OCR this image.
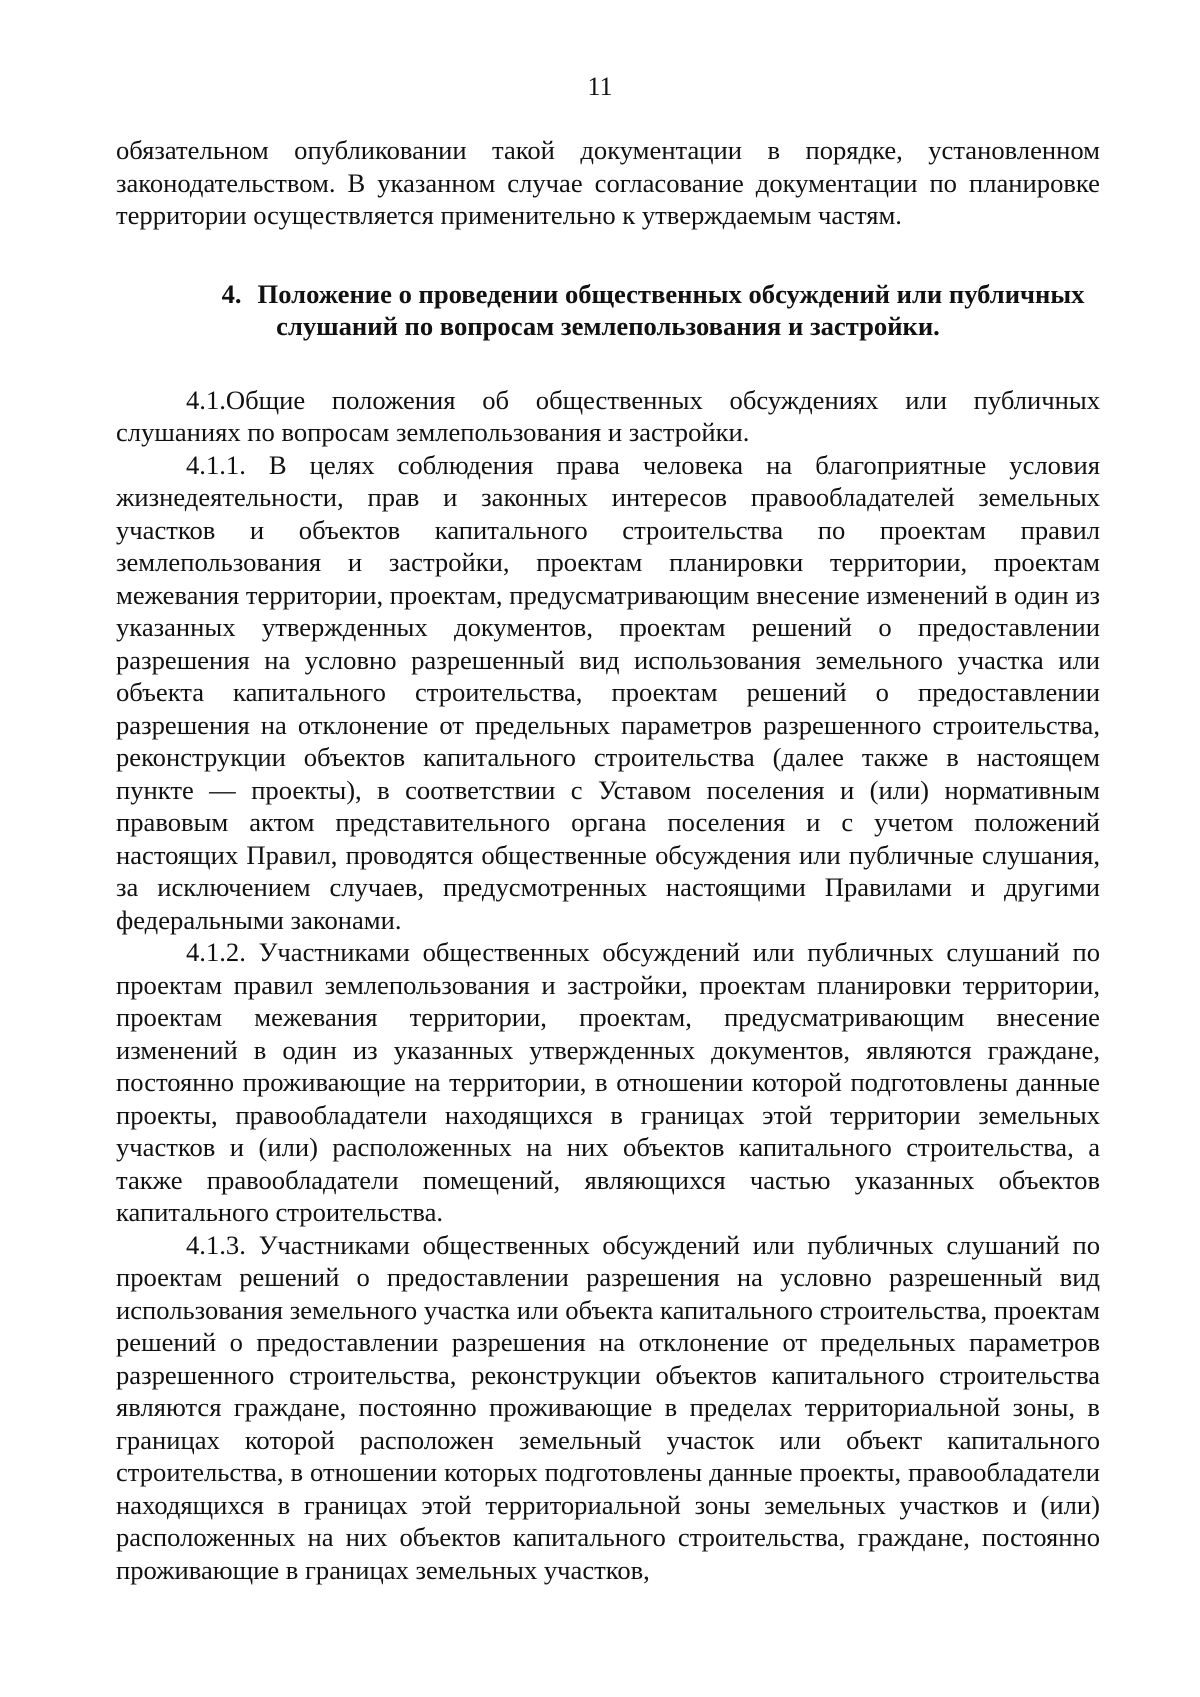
11

обязательном опубликовании такой документации в порядке, установленном законодательством. В указанном случае согласование документации по планировке территории осуществляется применительно к утверждаемым частям.

4. Положение о проведении общественных обсуждений или публичных
слушаний по вопросам землепользования и застройки.

4.1.Общие положения об общественных обсуждениях или публичных слушаниях по вопросам землепользования и застройки.

4.1.1. В целях соблюдения права человека на благоприятные условия жизнедеятельности, прав и законных интересов правообладателей земельных участков и объектов капитального строительства по проектам правил землепользования и застройки, проектам планировки территории, проектам межевания территории, проектам, предусматривающим внесение изменений в один из указанных утвержденных документов, проектам решений о предоставлении разрешения на условно разрешенный вид использования земельного участка или объекта капитального строительства, проектам решений о предоставлении разрешения на отклонение от предельных параметров разрешенного строительства, реконструкции объектов капитального строительства (далее также в настоящем пункте — проекты), в соответствии с Уставом поселения и (или) нормативным правовым актом представительного органа поселения и с учетом положений настоящих Правил, проводятся общественные обсуждения или публичные слушания, за исключением случаев, предусмотренных настоящими Правилами и другими федеральными законами.

4.1.2. Участниками общественных обсуждений или публичных слушаний по проектам правил землепользования и застройки, проектам планировки территории, проектам межевания территории, проектам, предусматривающим внесение изменений в один из указанных утвержденных документов, являются граждане, постоянно проживающие на территории, в отношении которой подготовлены данные проекты, правообладатели находящихся в границах этой территории земельных участков и (или) расположенных на них объектов капитального строительства, а также правообладатели помещений, являющихся частью указанных объектов капитального строительства.

4.1.3. Участниками общественных обсуждений или публичных слушаний по проектам решений о предоставлении разрешения на условно разрешенный вид использования земельного участка или объекта капитального строительства, проектам решений о предоставлении разрешения на отклонение от предельных параметров разрешенного строительства, реконструкции объектов капитального строительства являются граждане, постоянно проживающие в пределах территориальной зоны, в границах которой расположен земельный участок или объект капитального строительства, в отношении которых подготовлены данные проекты, правообладатели находящихся в границах этой территориальной зоны земельных участков и (или) расположенных на них объектов капитального строительства, граждане, постоянно проживающие в границах земельных участков,
